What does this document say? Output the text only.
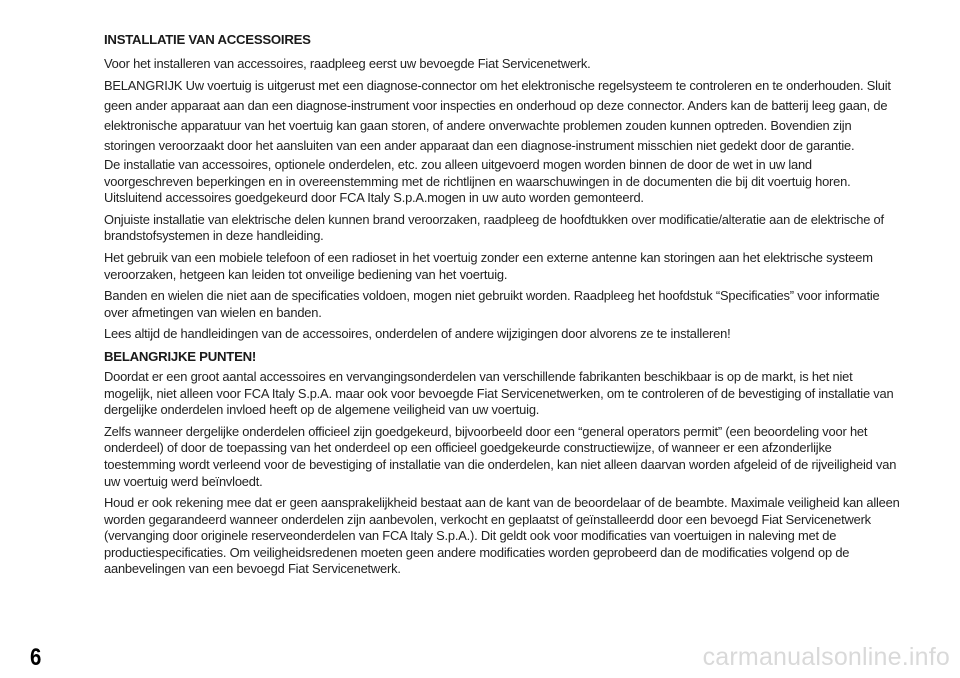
INSTALLATIE VAN ACCESSOIRES

Voor het installeren van accessoires, raadpleeg eerst uw bevoegde Fiat Servicenetwerk.

BELANGRIJK Uw voertuig is uitgerust met een diagnose-connector om het elektronische regelsysteem te controleren en te onderhouden. Sluit geen ander apparaat aan dan een diagnose-instrument voor inspecties en onderhoud op deze connector. Anders kan de batterij leeg gaan, de elektronische apparatuur van het voertuig kan gaan storen, of andere onverwachte problemen zouden kunnen optreden. Bovendien zijn storingen veroorzaakt door het aansluiten van een ander apparaat dan een diagnose-instrument misschien niet gedekt door de garantie.

De installatie van accessoires, optionele onderdelen, etc. zou alleen uitgevoerd mogen worden binnen de door de wet in uw land voorgeschreven beperkingen en in overeenstemming met de richtlijnen en waarschuwingen in de documenten die bij dit voertuig horen. Uitsluitend accessoires goedgekeurd door FCA Italy S.p.A.mogen in uw auto worden gemonteerd.

Onjuiste installatie van elektrische delen kunnen brand veroorzaken, raadpleeg de hoofdtukken over modificatie/alteratie aan de elektrische of brandstofsystemen in deze handleiding.

Het gebruik van een mobiele telefoon of een radioset in het voertuig zonder een externe antenne kan storingen aan het elektrische systeem veroorzaken, hetgeen kan leiden tot onveilige bediening van het voertuig.

Banden en wielen die niet aan de specificaties voldoen, mogen niet gebruikt worden. Raadpleeg het hoofdstuk “Specificaties” voor informatie over afmetingen van wielen en banden.

Lees altijd de handleidingen van de accessoires, onderdelen of andere wijzigingen door alvorens ze te installeren!

BELANGRIJKE PUNTEN!

Doordat er een groot aantal accessoires en vervangingsonderdelen van verschillende fabrikanten beschikbaar is op de markt, is het niet mogelijk, niet alleen voor FCA Italy S.p.A. maar ook voor bevoegde Fiat Servicenetwerken, om te controleren of de bevestiging of installatie van dergelijke onderdelen invloed heeft op de algemene veiligheid van uw voertuig.

Zelfs wanneer dergelijke onderdelen officieel zijn goedgekeurd, bijvoorbeeld door een “general operators permit” (een beoordeling voor het onderdeel) of door de toepassing van het onderdeel op een officieel goedgekeurde constructiewijze, of wanneer er een afzonderlijke toestemming wordt verleend voor de bevestiging of installatie van die onderdelen, kan niet alleen daarvan worden afgeleid of de rijveiligheid van uw voertuig werd beïnvloedt.

Houd er ook rekening mee dat er geen aansprakelijkheid bestaat aan de kant van de beoordelaar of de beambte. Maximale veiligheid kan alleen worden gegarandeerd wanneer onderdelen zijn aanbevolen, verkocht en geplaatst of geïnstalleerdd door een bevoegd Fiat Servicenetwerk (vervanging door originele reserveonderdelen van FCA Italy S.p.A.). Dit geldt ook voor modificaties van voertuigen in naleving met de productiespecificaties. Om veiligheidsredenen moeten geen andere modificaties worden geprobeerd dan de modificaties volgend op de aanbevelingen van een bevoegd Fiat Servicenetwerk.

6	carmanualsonline.info
